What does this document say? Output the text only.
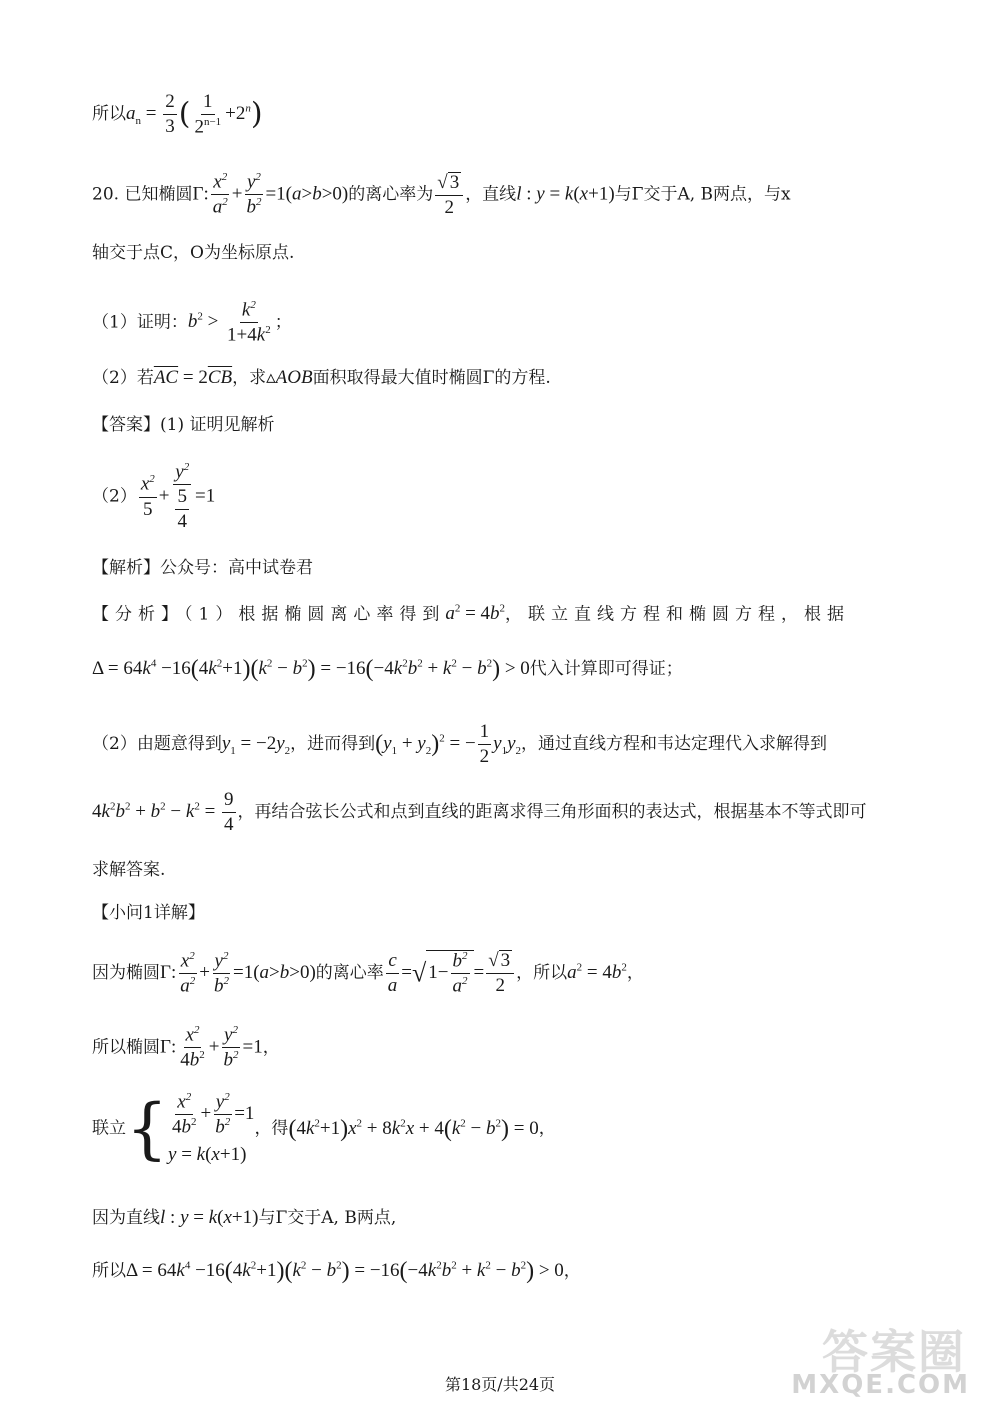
所以$a_n = \frac{2}{3}$ ( $\frac{1}{2^{n-1}} +2^n$)
20. 已知椭圆Γ: $\frac{x^2}{a^2} + \frac{y^2}{b^2} =1(a>b>0)$的离心率为 $\frac{√ 3}{2}$ ，直线l : y = k(x+1)与Γ交于A, B两点，与x
轴交于点C，O为坐标原点.
（1）证明：$b^2 > \frac{k^2}{1+4k^2}$ ；
（2）若$\overline{AC} = 2\overline{CB}$，求▵AOB面积取得最大值时椭圆Γ的方程.
【答案】(1) 证明见解析
$(2) \frac{x^2}{5} + \frac{y^2}{\frac{5}{4}} =1$
【解析】公众号：高中试卷君
【分析】（1）根据椭圆离心率得到$a^2 = 4b^2$，联立直线方程和椭圆方程，根据
$\Delta = 64k^4 -16(4k^2+1)(k^2 - b^2) = -16(-4k^2b^2 + k^2 - b^2) > 0$代入计算即可得证；
（2）由题意得到$y_1 = -2y_2$，进而得到$(y_1 + y_2)^2$ = − $\frac{1}{2} y_1y_2$，通过直线方程和韦达定理代入求解得到
$4k^2b^2 + b^2 - k^2 = \frac{9}{4}$ ，再结合弦长公式和点到直线的距离求得三角形面积的表达式，根据基本不等式即可
求解答案.
【小问1详解】
因为椭圆Γ: $\frac{x^2}{a^2} + \frac{y^2}{b^2} =1(a>b>0)$的离心率 $\frac{c}{a}$ =√ $1- \frac{b^2}{a^2} = \frac{√ 3}{2}$ ，所以$a^2 = 4b^2$，
所以椭圆Γ: $\frac{x^2}{4b^2} + \frac{y^2}{b^2} =1$，
联立{ $\frac{x^2}{4b^2} + \frac{y^2}{b^2} =1$
y = k(x+1)
，得$(4k^2+1)x^2 + 8k^2x + 4(k^2 - b^2) = 0$，
因为直线l : y = k(x+1)与Γ交于A, B两点,
所以$\Delta = 64k^4 -16(4k^2+1)(k^2 - b^2) = -16(-4k^2b^2 + k^2 - b^2) > 0$，
第18页/共24页
答案圈
MXQE.COM
